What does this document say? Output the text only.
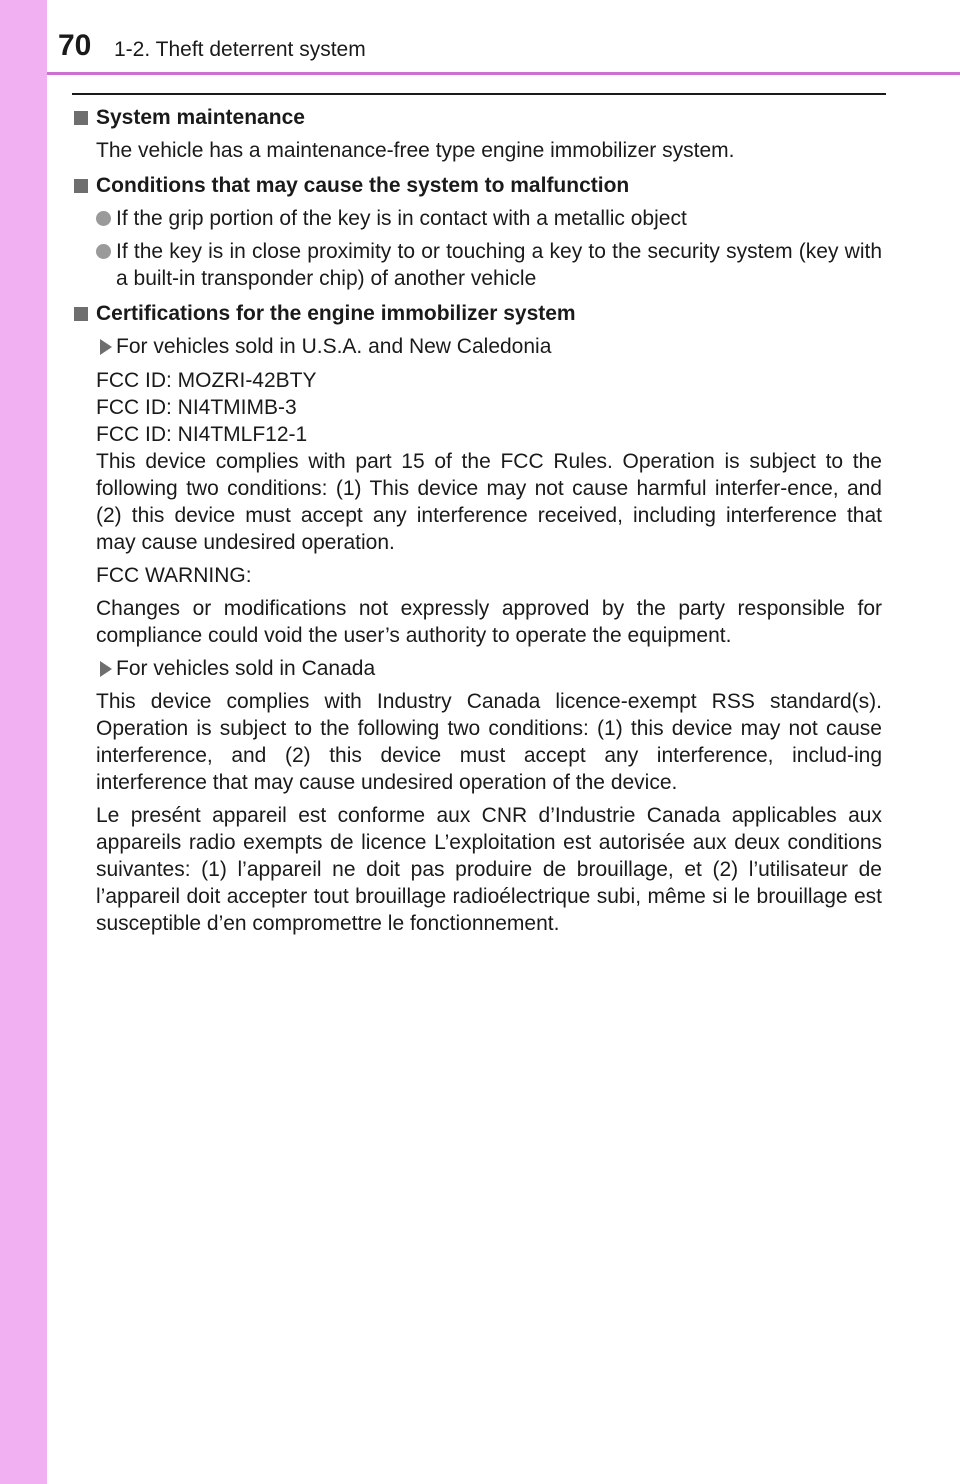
70 1-2. Theft deterrent system
System maintenance
The vehicle has a maintenance-free type engine immobilizer system.
Conditions that may cause the system to malfunction
If the grip portion of the key is in contact with a metallic object
If the key is in close proximity to or touching a key to the security system (key with a built-in transponder chip) of another vehicle
Certifications for the engine immobilizer system
For vehicles sold in U.S.A. and New Caledonia
FCC ID: MOZRI-42BTY
FCC ID: NI4TMIMB-3
FCC ID: NI4TMLF12-1
This device complies with part 15 of the FCC Rules. Operation is subject to the following two conditions: (1) This device may not cause harmful interfer-ence, and (2) this device must accept any interference received, including interference that may cause undesired operation.
FCC WARNING:
Changes or modifications not expressly approved by the party responsible for compliance could void the user’s authority to operate the equipment.
For vehicles sold in Canada
This device complies with Industry Canada licence-exempt RSS standard(s). Operation is subject to the following two conditions: (1) this device may not cause interference, and (2) this device must accept any interference, includ-ing interference that may cause undesired operation of the device.
Le presént appareil est conforme aux CNR d’Industrie Canada applicables aux appareils radio exempts de licence L’exploitation est autorisée aux deux conditions suivantes: (1) l’appareil ne doit pas produire de brouillage, et (2) l’utilisateur de l’appareil doit accepter tout brouillage radioélectrique subi, même si le brouillage est susceptible d’en compromettre le fonctionnement.
